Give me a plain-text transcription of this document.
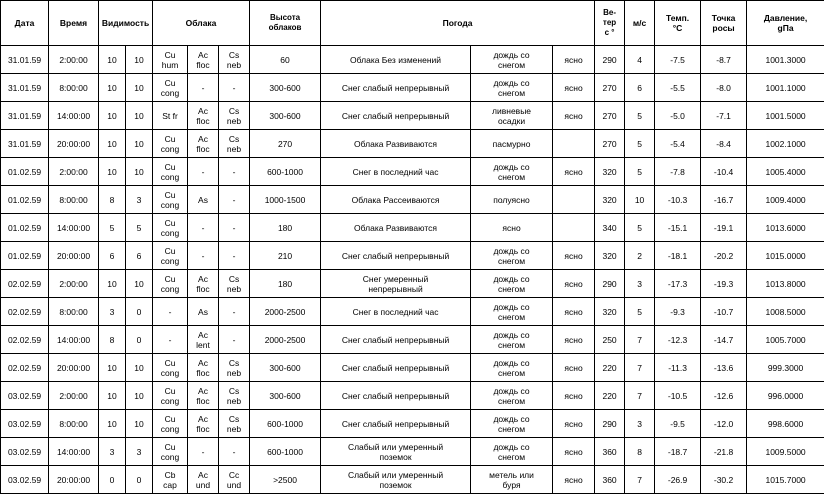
Дата	Время	Видимость		Облака			Высота
облаков	Погода			Ве-
тер
с °	м/с	Темп.
°C	Точка
росы	Давление,
gПа
31.01.59	2:00:00	10	10	Cu
hum	Ac
floc	Cs
neb	60	Облака Без изменений	дождь со
снегом	ясно	290	4	-7.5	-8.7	1001.3000
31.01.59	8:00:00	10	10	Cu
cong	-	-	300-600	Снег слабый непрерывный	дождь со
снегом	ясно	270	6	-5.5	-8.0	1001.1000
31.01.59	14:00:00	10	10	St fr	Ac
floc	Cs
neb	300-600	Снег слабый непрерывный	ливневые
осадки	ясно	270	5	-5.0	-7.1	1001.5000
31.01.59	20:00:00	10	10	Cu
cong	Ac
floc	Cs
neb	270	Облака Развиваются	пасмурно		270	5	-5.4	-8.4	1002.1000
01.02.59	2:00:00	10	10	Cu
cong	-	-	600-1000	Снег в последний час	дождь со
снегом	ясно	320	5	-7.8	-10.4	1005.4000
01.02.59	8:00:00	8	3	Cu
cong	As	-	1000-1500	Облака Рассеиваются	полуясно		320	10	-10.3	-16.7	1009.4000
01.02.59	14:00:00	5	5	Cu
cong	-	-	180	Облака Развиваются	ясно		340	5	-15.1	-19.1	1013.6000
01.02.59	20:00:00	6	6	Cu
cong	-	-	210	Снег слабый непрерывный	дождь со
снегом	ясно	320	2	-18.1	-20.2	1015.0000
02.02.59	2:00:00	10	10	Cu
cong	Ac
floc	Cs
neb	180	Снег умеренный
непрерывный	дождь со
снегом	ясно	290	3	-17.3	-19.3	1013.8000
02.02.59	8:00:00	3	0	-	As	-	2000-2500	Снег в последний час	дождь со
снегом	ясно	320	5	-9.3	-10.7	1008.5000
02.02.59	14:00:00	8	0	-	Ac
lent	-	2000-2500	Снег слабый непрерывный	дождь со
снегом	ясно	250	7	-12.3	-14.7	1005.7000
02.02.59	20:00:00	10	10	Cu
cong	Ac
floc	Cs
neb	300-600	Снег слабый непрерывный	дождь со
снегом	ясно	220	7	-11.3	-13.6	999.3000
03.02.59	2:00:00	10	10	Cu
cong	Ac
floc	Cs
neb	300-600	Снег слабый непрерывный	дождь со
снегом	ясно	220	7	-10.5	-12.6	996.0000
03.02.59	8:00:00	10	10	Cu
cong	Ac
floc	Cs
neb	600-1000	Снег слабый непрерывный	дождь со
снегом	ясно	290	3	-9.5	-12.0	998.6000
03.02.59	14:00:00	3	3	Cu
cong	-	-	600-1000	Слабый или умеренный
поземок	дождь со
снегом	ясно	360	8	-18.7	-21.8	1009.5000
03.02.59	20:00:00	0	0	Cb
cap	Ac
und	Cc
und	>2500	Слабый или умеренный
поземок	метель или
буря	ясно	360	7	-26.9	-30.2	1015.7000
